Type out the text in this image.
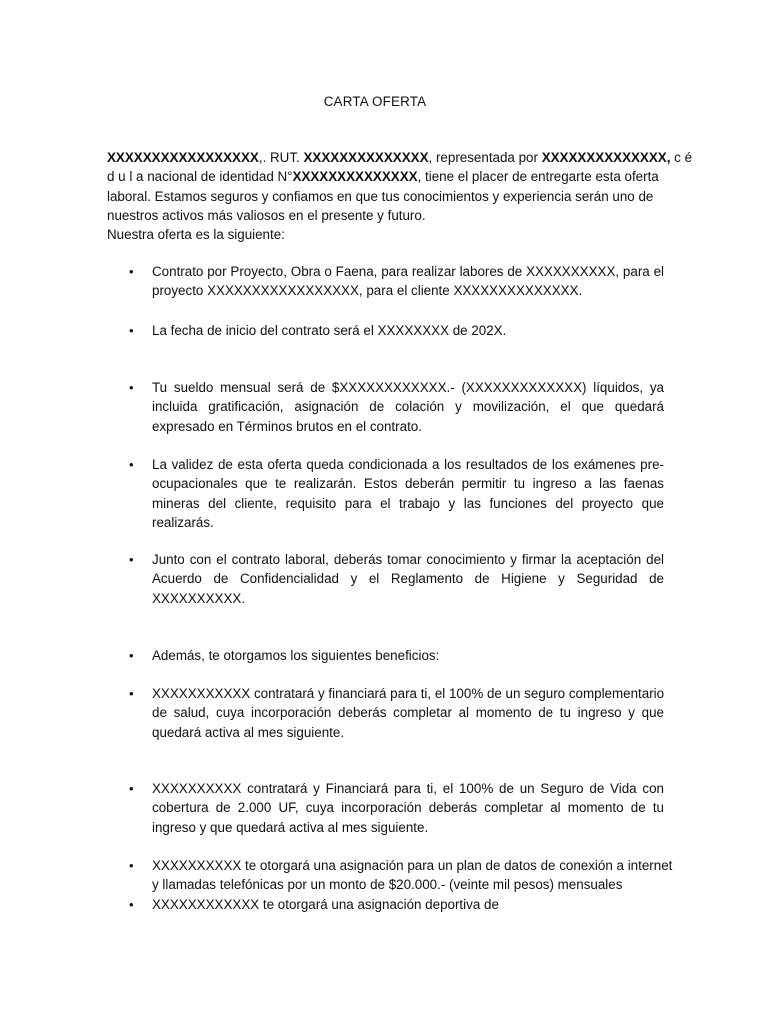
CARTA OFERTA
XXXXXXXXXXXXXXXXX,. RUT. XXXXXXXXXXXXXX, representada por XXXXXXXXXXXXXX, c é
d u l a nacional de identidad N°XXXXXXXXXXXXXX, tiene el placer de entregarte esta oferta
laboral. Estamos seguros y confiamos en que tus conocimientos y experiencia serán uno de
nuestros activos más valiosos en el presente y futuro.
Nuestra oferta es la siguiente:
• Contrato por Proyecto, Obra o Faena, para realizar labores de XXXXXXXXXX, para el
proyecto XXXXXXXXXXXXXXXXX, para el cliente XXXXXXXXXXXXXX.
• La fecha de inicio del contrato será el XXXXXXXX de 202X.
• Tu sueldo mensual será de $XXXXXXXXXXXX.- (XXXXXXXXXXXXX) líquidos, ya
incluida gratificación, asignación de colación y movilización, el que quedará
expresado en Términos brutos en el contrato.
• La validez de esta oferta queda condicionada a los resultados de los exámenes pre-
ocupacionales que te realizarán. Estos deberán permitir tu ingreso a las faenas
mineras del cliente, requisito para el trabajo y las funciones del proyecto que
realizarás.
• Junto con el contrato laboral, deberás tomar conocimiento y firmar la aceptación del
Acuerdo de Confidencialidad y el Reglamento de Higiene y Seguridad de
XXXXXXXXXX.
• Además, te otorgamos los siguientes beneficios:
• XXXXXXXXXXX contratará y financiará para ti, el 100% de un seguro complementario
de salud, cuya incorporación deberás completar al momento de tu ingreso y que
quedará activa al mes siguiente.
• XXXXXXXXXX contratará y Financiará para ti, el 100% de un Seguro de Vida con
cobertura de 2.000 UF, cuya incorporación deberás completar al momento de tu
ingreso y que quedará activa al mes siguiente.
• XXXXXXXXXX te otorgará una asignación para un plan de datos de conexión a internet
y llamadas telefónicas por un monto de $20.000.- (veinte mil pesos) mensuales
• XXXXXXXXXXXX te otorgará una asignación deportiva de
